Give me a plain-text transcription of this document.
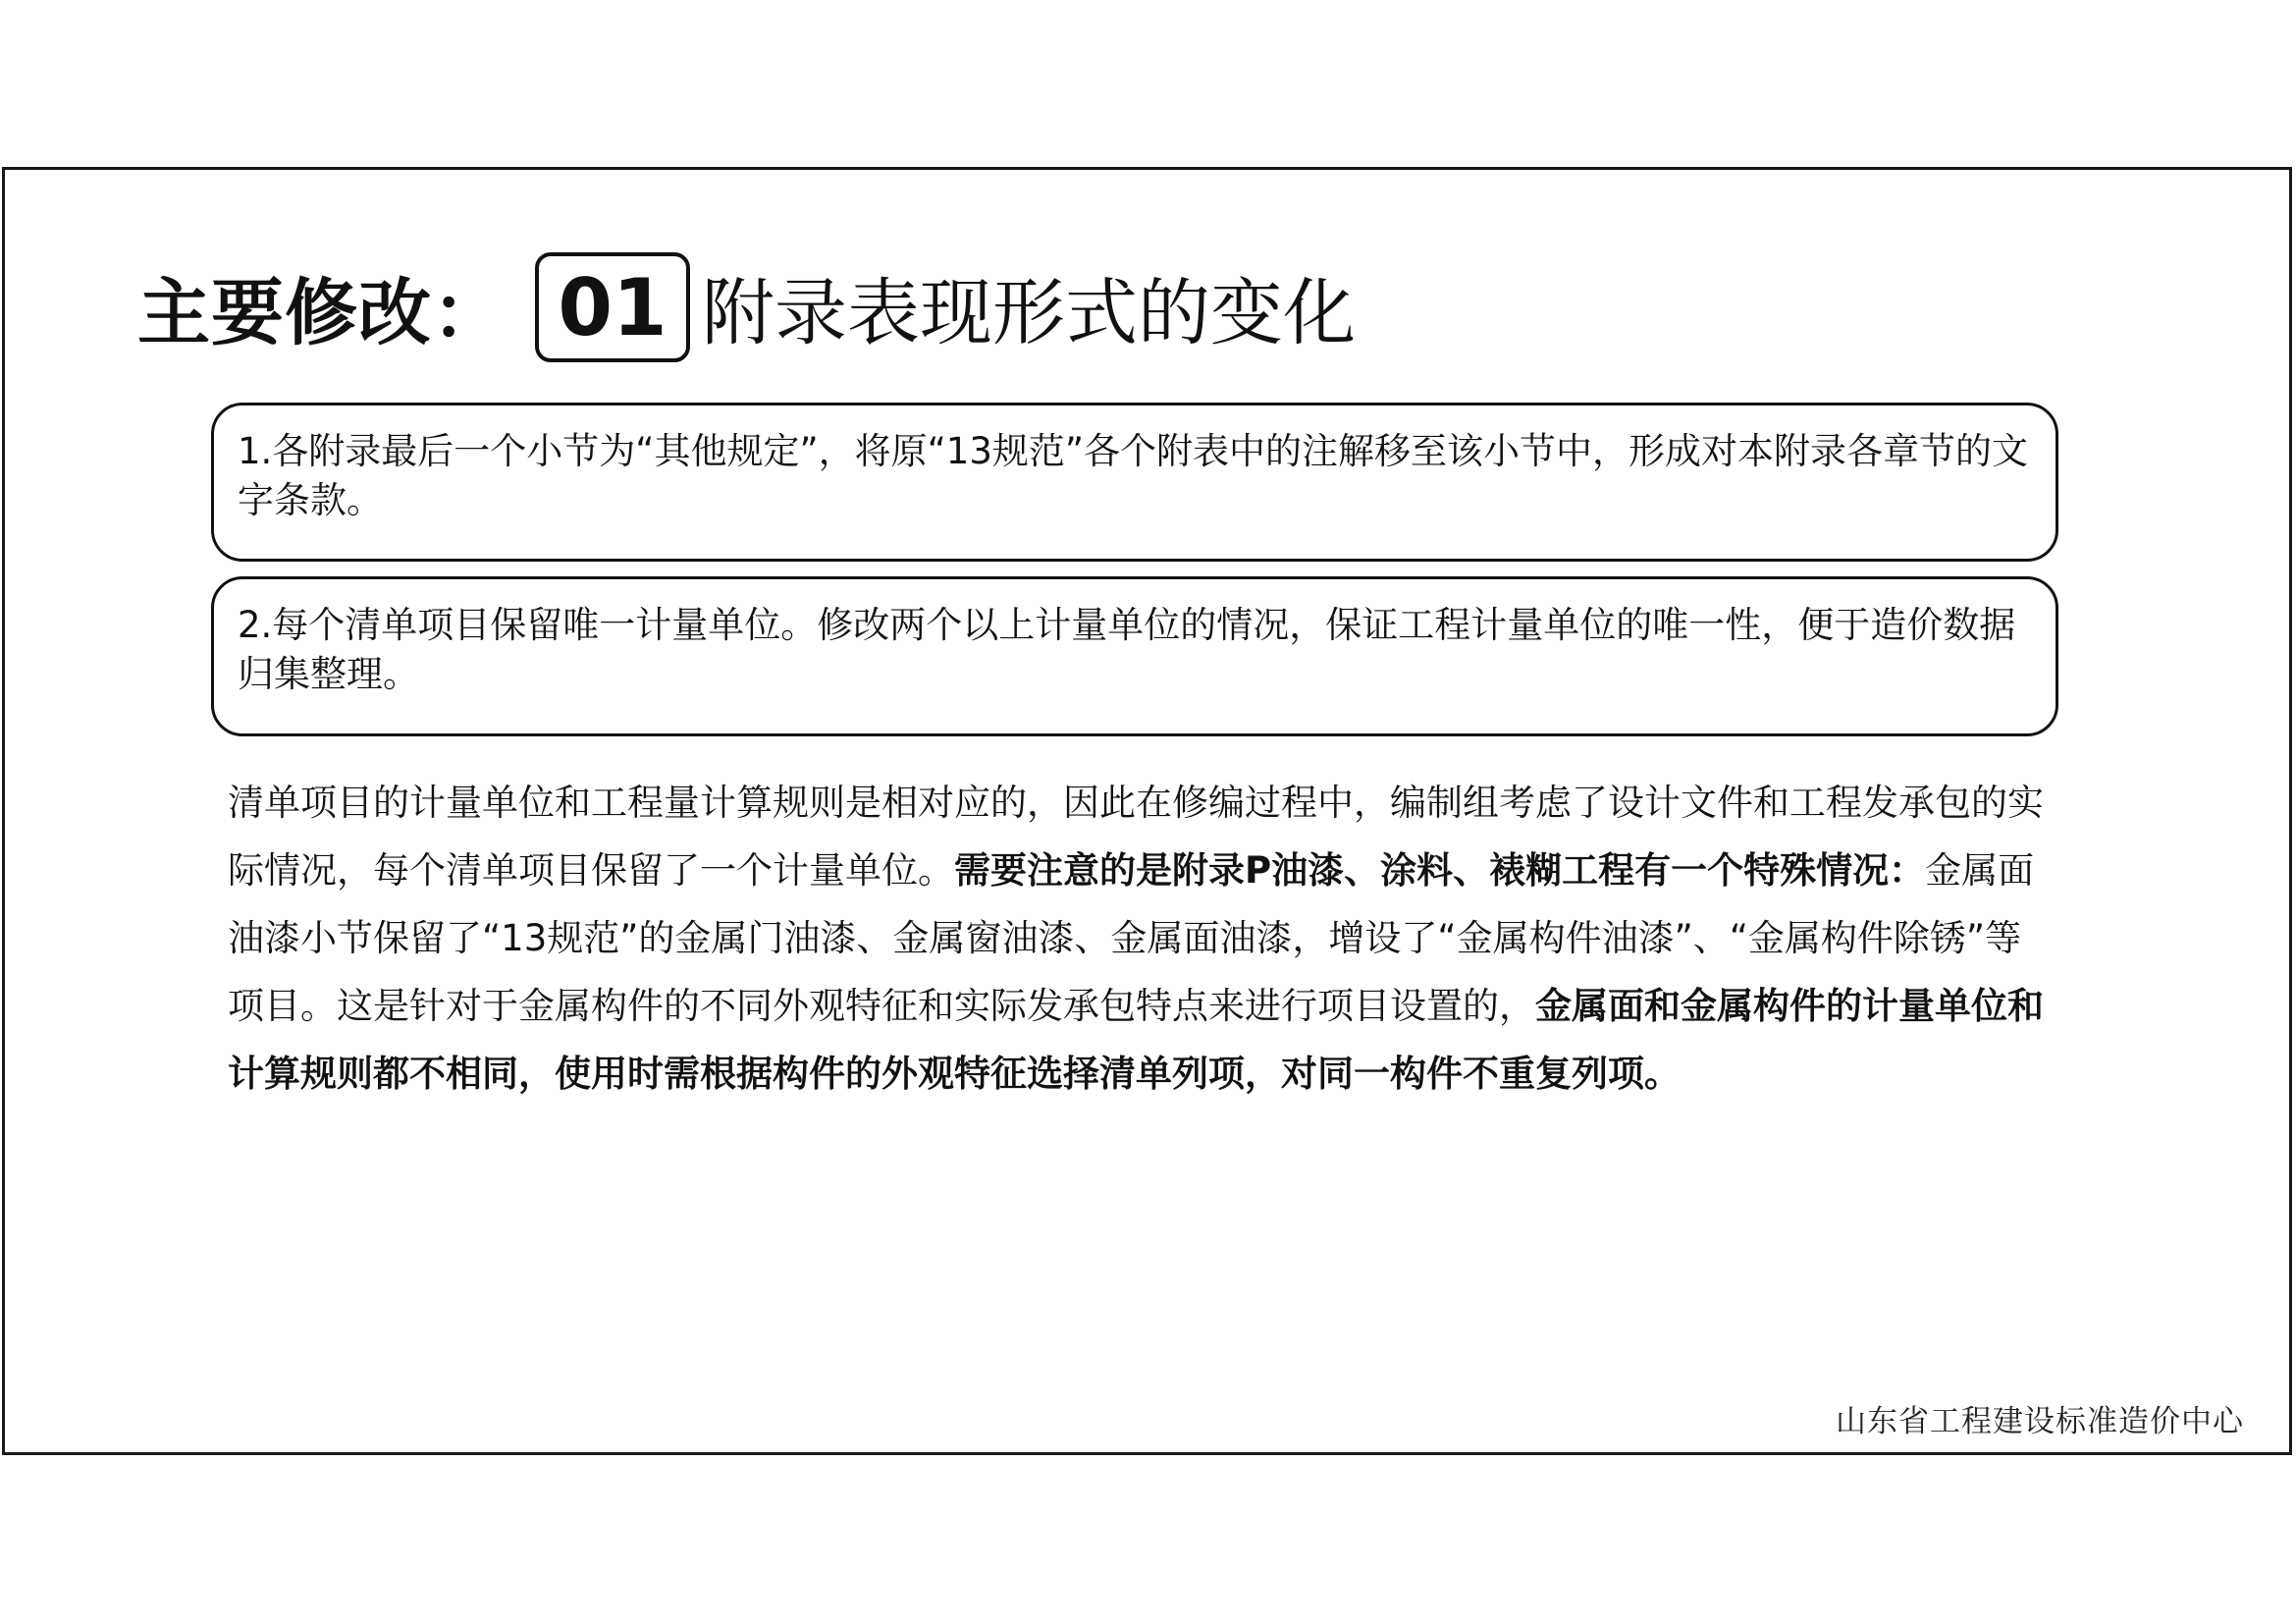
主要修改： 01 附录表现形式的变化
1.各附录最后一个小节为“其他规定”，将原“13规范”各个附表中的注解移至该小节中，形成对本附录各章节的文字条款。
2.每个清单项目保留唯一计量单位。修改两个以上计量单位的情况，保证工程计量单位的唯一性，便于造价数据归集整理。
清单项目的计量单位和工程量计算规则是相对应的，因此在修编过程中，编制组考虑了设计文件和工程发承包的实际情况，每个清单项目保留了一个计量单位。需要注意的是附录P油漆、涂料、裱糊工程有一个特殊情况：金属面油漆小节保留了“13规范”的金属门油漆、金属窗油漆、金属面油漆，增设了“金属构件油漆”、“金属构件除锈”等项目。这是针对于金属构件的不同外观特征和实际发承包特点来进行项目设置的，金属面和金属构件的计量单位和计算规则都不相同，使用时需根据构件的外观特征选择清单列项，对同一构件不重复列项。
山东省工程建设标准造价中心
